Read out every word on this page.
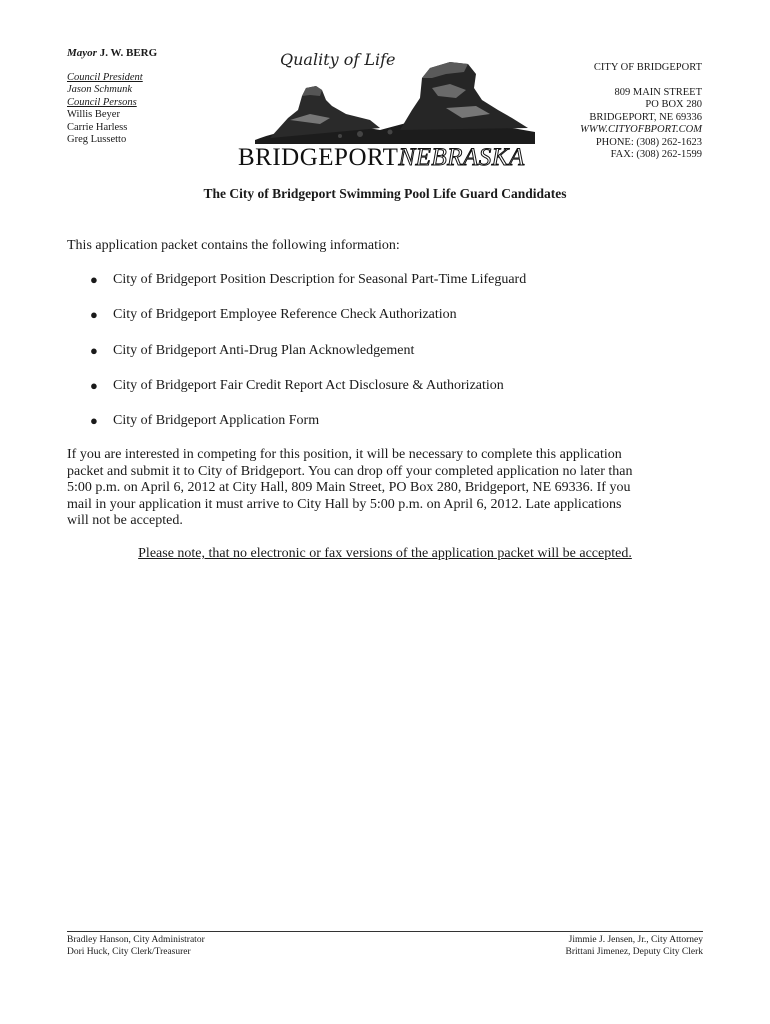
Mayor J. W. BERG
Council President
Jason Schmunk
Council Persons
Willis Beyer
Carrie Harless
Greg Lussetto
Quality of Life
BRIDGEPORTNEBRASKA
CITY OF BRIDGEPORT
809 MAIN STREET
PO BOX 280
BRIDGEPORT, NE 69336
WWW.CITYOFBPORT.COM
PHONE: (308) 262-1623
FAX: (308) 262-1599
The City of Bridgeport Swimming Pool Life Guard Candidates
This application packet contains the following information:
●	City of Bridgeport Position Description for Seasonal Part-Time Lifeguard
●	City of Bridgeport Employee Reference Check Authorization
●	City of Bridgeport Anti-Drug Plan Acknowledgement
●	City of Bridgeport Fair Credit Report Act Disclosure & Authorization
●	City of Bridgeport Application Form
If you are interested in competing for this position, it will be necessary to complete this application
packet and submit it to City of Bridgeport. You can drop off your completed application no later than
5:00 p.m. on April 6, 2012 at City Hall, 809 Main Street, PO Box 280, Bridgeport, NE 69336. If you
mail in your application it must arrive to City Hall by 5:00 p.m. on April 6, 2012. Late applications
will not be accepted.
Please note, that no electronic or fax versions of the application packet will be accepted.
Bradley Hanson, City Administrator
Dori Huck, City Clerk/Treasurer
Jimmie J. Jensen, Jr., City Attorney
Brittani Jimenez, Deputy City Clerk
